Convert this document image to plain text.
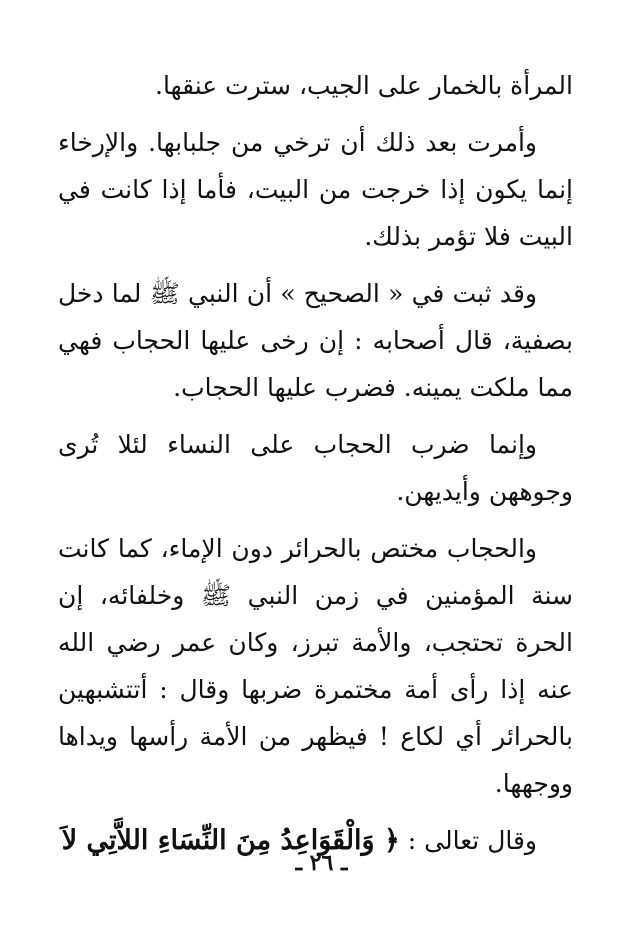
المرأة بالخمار على الجيب، سترت عنقها.

وأمرت بعد ذلك أن ترخي من جلبابها. والإرخاء إنما يكون إذا خرجت من البيت، فأما إذا كانت في البيت فلا تؤمر بذلك.

وقد ثبت في « الصحيح » أن النبي ﷺ لما دخل بصفية، قال أصحابه : إن رخى عليها الحجاب فهي مما ملكت يمينه. فضرب عليها الحجاب.

وإنما ضرب الحجاب على النساء لئلا تُرى وجوههن وأيديهن.

والحجاب مختص بالحرائر دون الإماء، كما كانت سنة المؤمنين في زمن النبي ﷺ وخلفائه، إن الحرة تحتجب، والأمة تبرز، وكان عمر رضي الله عنه إذا رأى أمة مختمرة ضربها وقال : أتتشبهين بالحرائر أي لكاع ! فيظهر من الأمة رأسها ويداها ووجهها.

وقال تعالى : ﴿ وَالْقَوَاعِدُ مِنَ النِّسَاءِ اللاَّتِي لاَ

ـ ٢٦ ـ
